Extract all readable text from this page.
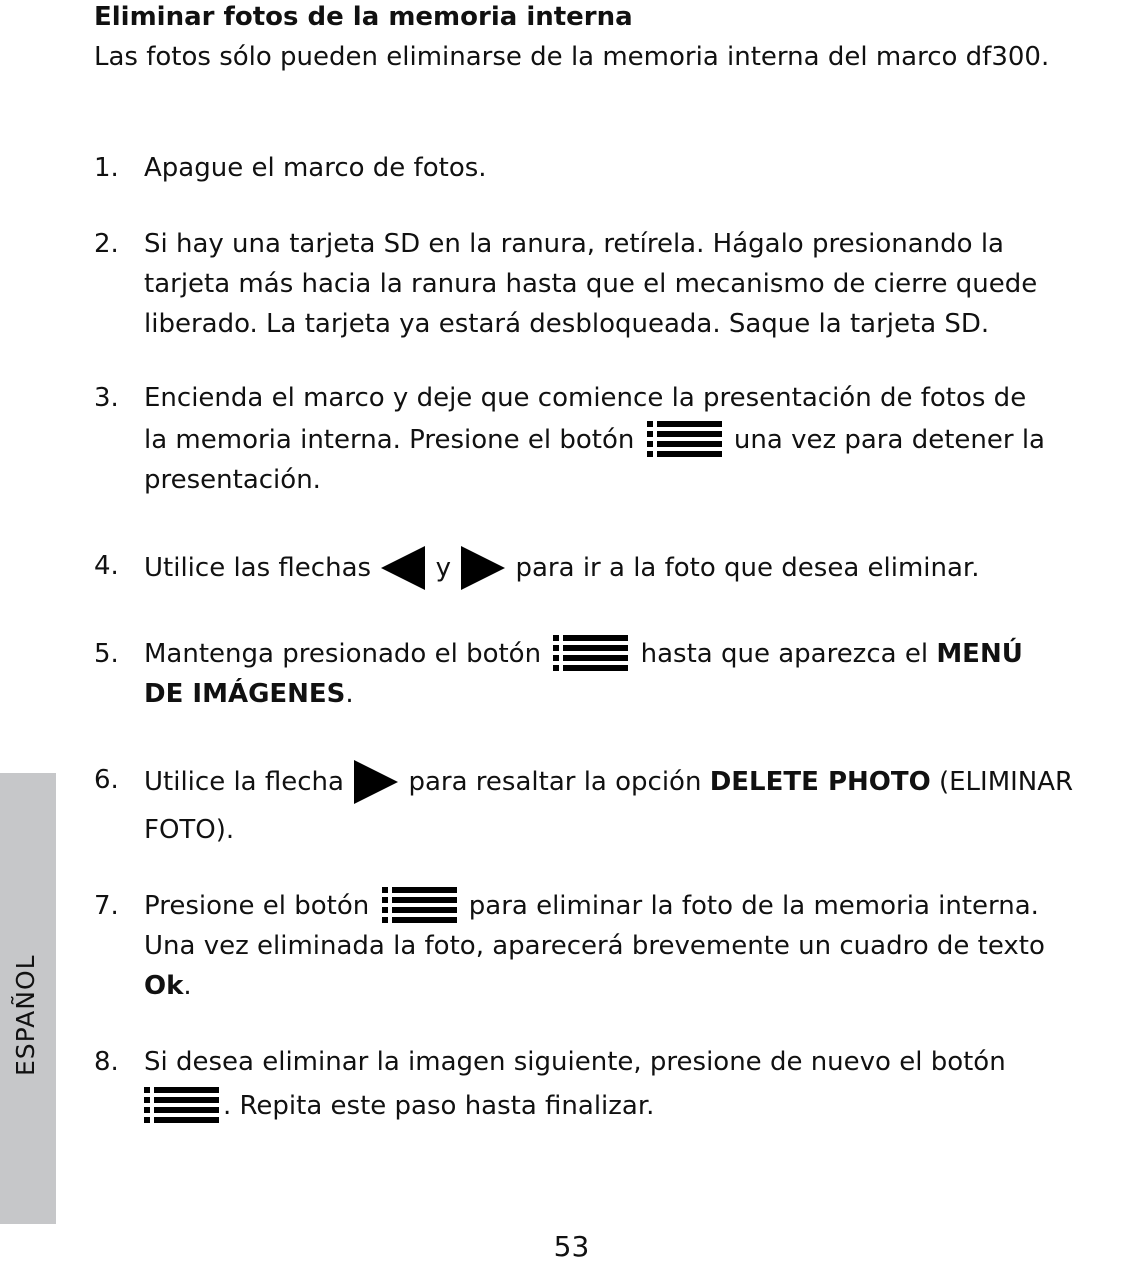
ESPAÑOL
Eliminar fotos de la memoria interna
Las fotos sólo pueden eliminarse de la memoria interna del marco df300.
1. Apague el marco de fotos.
2. Si hay una tarjeta SD en la ranura, retírela. Hágalo presionando la
tarjeta más hacia la ranura hasta que el mecanismo de cierre quede
liberado. La tarjeta ya estará desbloqueada. Saque la tarjeta SD.
3. Encienda el marco y deje que comience la presentación de fotos de
la memoria interna. Presione el botón	una vez para detener la
presentación.
4. Utilice las flechas y para ir a la foto que desea eliminar.
5. Mantenga presionado el botón	hasta que aparezca el MENÚ
DE IMÁGENES.
6. Utilice la flecha para resaltar la opción DELETE PHOTO (ELIMINAR
FOTO).
7. Presione el botón	para eliminar la foto de la memoria interna.
Una vez eliminada la foto, aparecerá brevemente un cuadro de texto
Ok.
8. Si desea eliminar la imagen siguiente, presione de nuevo el botón
. Repita este paso hasta finalizar.
53
